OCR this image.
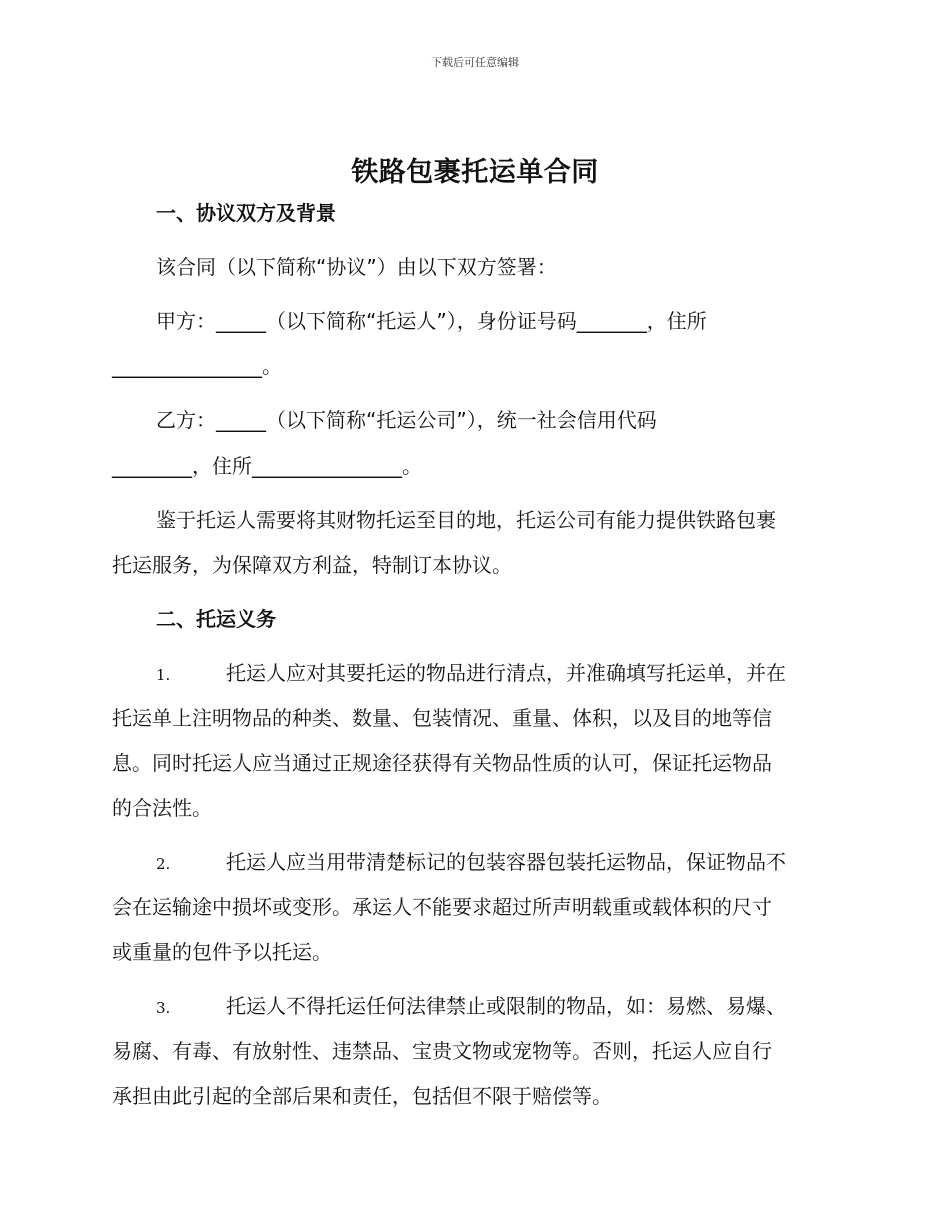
下载后可任意编辑
铁路包裹托运单合同
一、协议双方及背景
该合同（以下简称“协议”）由以下双方签署：
甲方：_____（以下简称“托运人”），身份证号码_______，住所
_______________。
乙方：_____（以下简称“托运公司”），统一社会信用代码
________，住所_______________。
鉴于托运人需要将其财物托运至目的地，托运公司有能力提供铁路包裹
托运服务，为保障双方利益，特制订本协议。
二、托运义务
1.	托运人应对其要托运的物品进行清点，并准确填写托运单，并在
托运单上注明物品的种类、数量、包装情况、重量、体积，以及目的地等信
息。同时托运人应当通过正规途径获得有关物品性质的认可，保证托运物品
的合法性。
2.	托运人应当用带清楚标记的包装容器包装托运物品，保证物品不
会在运输途中损坏或变形。承运人不能要求超过所声明载重或载体积的尺寸
或重量的包件予以托运。
3.	托运人不得托运任何法律禁止或限制的物品，如：易燃、易爆、
易腐、有毒、有放射性、违禁品、宝贵文物或宠物等。否则，托运人应自行
承担由此引起的全部后果和责任，包括但不限于赔偿等。
